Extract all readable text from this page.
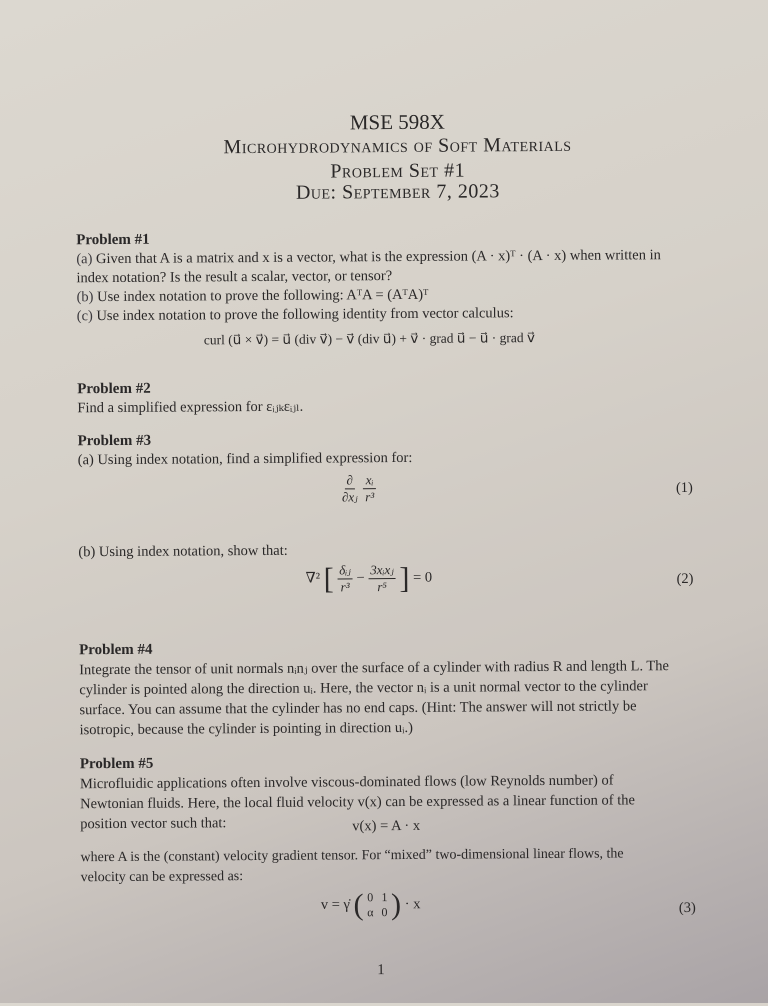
MSE 598X
Microhydrodynamics of Soft Materials
Problem Set #1
Due: September 7, 2023
Problem #1
(a) Given that A is a matrix and x is a vector, what is the expression (A · x)ᵀ · (A · x) when written in index notation? Is the result a scalar, vector, or tensor?
(b) Use index notation to prove the following: AᵀA = (AᵀA)ᵀ
(c) Use index notation to prove the following identity from vector calculus:
curl (u⃗ × v⃗) = u⃗ (div v⃗) − v⃗ (div u⃗) + v⃗ · grad u⃗ − u⃗ · grad v⃗
Problem #2
Find a simplified expression for εᵢⱼₖεᵢⱼₗ.
Problem #3
(a) Using index notation, find a simplified expression for:
$\frac{\partial}{\text{∂xⱼ}}$
$\frac{\text{xᵢ}}{\text{r³}}$	(1)
(b) Using index notation, show that:
∇² [ $\frac{\text{δᵢⱼ}}{\text{r³}} - \frac{\text{3xᵢxⱼ}}{\text{r⁵}}$ ] = 0	(2)
Problem #4
Integrate the tensor of unit normals nᵢnⱼ over the surface of a cylinder with radius R and length L. The cylinder is pointed along the direction uᵢ. Here, the vector nᵢ is a unit normal vector to the cylinder surface. You can assume that the cylinder has no end caps. (Hint: The answer will not strictly be isotropic, because the cylinder is pointing in direction uᵢ.)
Problem #5
Microfluidic applications often involve viscous-dominated flows (low Reynolds number) of Newtonian fluids. Here, the local fluid velocity v(x) can be expressed as a linear function of the position vector such that:	v(x) = A · x
where A is the (constant) velocity gradient tensor. For “mixed” two-dimensional linear flows, the velocity can be expressed as:
v = γ̇ ( 0 1
α 0 ) · x	(3)
1
